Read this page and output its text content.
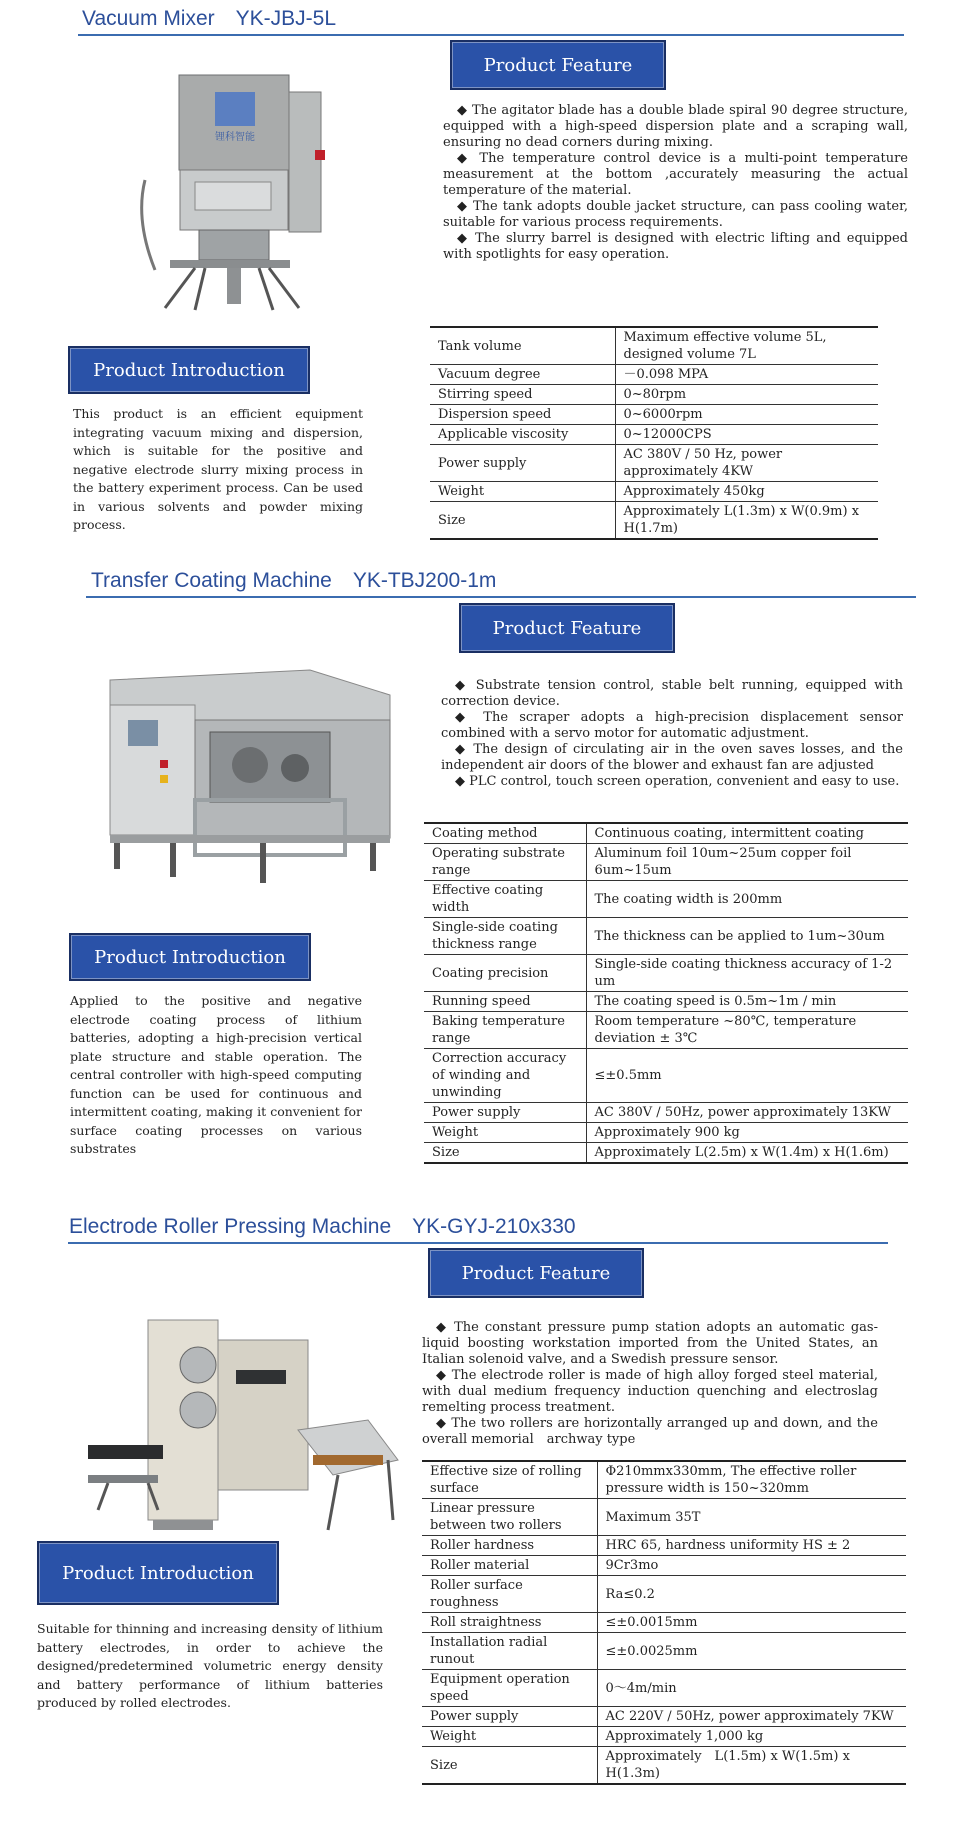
Vacuum Mixer　YK-JBJ-5L
Product Feature

◆ The agitator blade has a double blade spiral 90 degree structure, equipped with a high-speed dispersion plate and a scraping wall, ensuring no dead corners during mixing.

◆ The temperature control device is a multi-point temperature measurement at the bottom ,accurately measuring the actual temperature of the material.

◆ The tank adopts double jacket structure, can pass cooling water, suitable for various process requirements.

◆ The slurry barrel is designed with electric lifting and equipped with spotlights for easy operation.

锂科智能
Product Introduction
This product is an efficient equipment integrating vacuum mixing and dispersion, which is suitable for the positive and negative electrode slurry mixing process in the battery experiment process. Can be used in various solvents and powder mixing process.
Tank volume	Maximum effective volume 5L, designed volume 7L
Vacuum degree	－0.098 MPA
Stirring speed	0~80rpm
Dispersion speed	0~6000rpm
Applicable viscosity	0~12000CPS
Power supply	AC 380V / 50 Hz, power approximately 4KW
Weight	Approximately 450kg
Size	Approximately L(1.3m) x W(0.9m) x H(1.7m)
Transfer Coating Machine　YK-TBJ200-1m
Product Feature

◆ Substrate tension control, stable belt running, equipped with correction device.

◆ The scraper adopts a high-precision displacement sensor combined with a servo motor for automatic adjustment.

◆ The design of circulating air in the oven saves losses, and the independent air doors of the blower and exhaust fan are adjusted

◆ PLC control, touch screen operation, convenient and easy to use.

Product Introduction
Applied to the positive and negative electrode coating process of lithium batteries, adopting a high-precision vertical plate structure and stable operation. The central controller with high-speed computing function can be used for continuous and intermittent coating, making it convenient for surface coating processes on various substrates
Coating method	Continuous coating, intermittent coating
Operating substrate range	Aluminum foil 10um~25um copper foil 6um~15um
Effective coating width	The coating width is 200mm
Single-side coating thickness range	The thickness can be applied to 1um~30um
Coating precision	Single-side coating thickness accuracy of 1-2 um
Running speed	The coating speed is 0.5m~1m / min
Baking temperature range	Room temperature ~80℃, temperature deviation ± 3℃
Correction accuracy of winding and unwinding	≤±0.5mm
Power supply	AC 380V / 50Hz, power approximately 13KW
Weight	Approximately 900 kg
Size	Approximately L(2.5m) x W(1.4m) x H(1.6m)
Electrode Roller Pressing Machine　YK-GYJ-210x330
Product Feature

◆ The constant pressure pump station adopts an automatic gas-liquid boosting workstation imported from the United States, an Italian solenoid valve, and a Swedish pressure sensor.

◆ The electrode roller is made of high alloy forged steel material, with dual medium frequency induction quenching and electroslag remelting process treatment.

◆ The two rollers are horizontally arranged up and down, and the overall memorial　archway type

Product Introduction
Suitable for thinning and increasing density of lithium battery electrodes, in order to achieve the designed/predetermined volumetric energy density and battery performance of lithium batteries produced by rolled electrodes.
Effective size of rolling surface	Φ210mmx330mm, The effective roller pressure width is 150~320mm
Linear pressure between two rollers	Maximum 35T
Roller hardness	HRC 65, hardness uniformity HS ± 2
Roller material	9Cr3mo
Roller surface roughness	Ra≤0.2
Roll straightness	≤±0.0015mm
Installation radial runout	≤±0.0025mm
Equipment operation speed	0～4m/min
Power supply	AC 220V / 50Hz, power approximately 7KW
Weight	Approximately 1,000 kg
Size	Approximately　L(1.5m) x W(1.5m) x H(1.3m)
